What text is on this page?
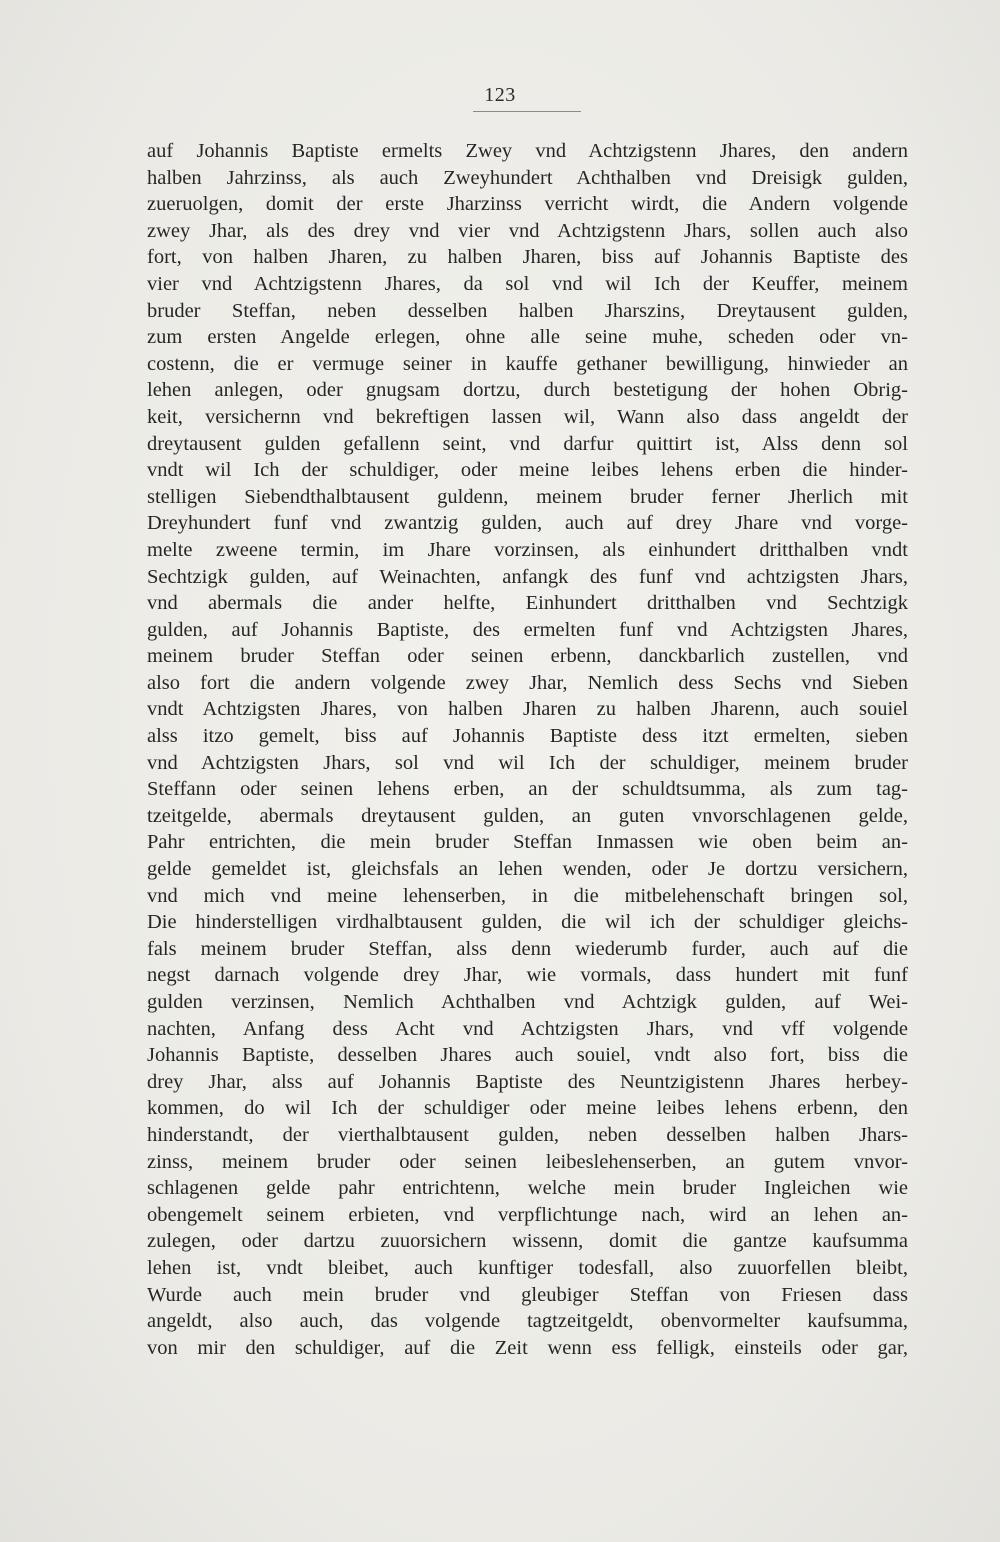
123
auf Johannis Baptiste ermelts Zwey vnd Achtzigstenn Jhares, den andern
halben Jahrzinss, als auch Zweyhundert Achthalben vnd Dreisigk gulden,
zueruolgen, domit der erste Jharzinss verricht wirdt, die Andern volgende
zwey Jhar, als des drey vnd vier vnd Achtzigstenn Jhars, sollen auch also
fort, von halben Jharen, zu halben Jharen, biss auf Johannis Baptiste des
vier vnd Achtzigstenn Jhares, da sol vnd wil Ich der Keuffer, meinem
bruder Steffan, neben desselben halben Jharszins, Dreytausent gulden,
zum ersten Angelde erlegen, ohne alle seine muhe, scheden oder vn-
costenn, die er vermuge seiner in kauffe gethaner bewilligung, hinwieder an
lehen anlegen, oder gnugsam dortzu, durch bestetigung der hohen Obrig-
keit, versichernn vnd bekreftigen lassen wil, Wann also dass angeldt der
dreytausent gulden gefallenn seint, vnd darfur quittirt ist, Alss denn sol
vndt wil Ich der schuldiger, oder meine leibes lehens erben die hinder-
stelligen Siebendthalbtausent guldenn, meinem bruder ferner Jherlich mit
Dreyhundert funf vnd zwantzig gulden, auch auf drey Jhare vnd vorge-
melte zweene termin, im Jhare vorzinsen, als einhundert dritthalben vndt
Sechtzigk gulden, auf Weinachten, anfangk des funf vnd achtzigsten Jhars,
vnd abermals die ander helfte, Einhundert dritthalben vnd Sechtzigk
gulden, auf Johannis Baptiste, des ermelten funf vnd Achtzigsten Jhares,
meinem bruder Steffan oder seinen erbenn, danckbarlich zustellen, vnd
also fort die andern volgende zwey Jhar, Nemlich dess Sechs vnd Sieben
vndt Achtzigsten Jhares, von halben Jharen zu halben Jharenn, auch souiel
alss itzo gemelt, biss auf Johannis Baptiste dess itzt ermelten, sieben
vnd Achtzigsten Jhars, sol vnd wil Ich der schuldiger, meinem bruder
Steffann oder seinen lehens erben, an der schuldtsumma, als zum tag-
tzeitgelde, abermals dreytausent gulden, an guten vnvorschlagenen gelde,
Pahr entrichten, die mein bruder Steffan Inmassen wie oben beim an-
gelde gemeldet ist, gleichsfals an lehen wenden, oder Je dortzu versichern,
vnd mich vnd meine lehenserben, in die mitbelehenschaft bringen sol,
Die hinderstelligen virdhalbtausent gulden, die wil ich der schuldiger gleichs-
fals meinem bruder Steffan, alss denn wiederumb furder, auch auf die
negst darnach volgende drey Jhar, wie vormals, dass hundert mit funf
gulden verzinsen, Nemlich Achthalben vnd Achtzigk gulden, auf Wei-
nachten, Anfang dess Acht vnd Achtzigsten Jhars, vnd vff volgende
Johannis Baptiste, desselben Jhares auch souiel, vndt also fort, biss die
drey Jhar, alss auf Johannis Baptiste des Neuntzigistenn Jhares herbey-
kommen, do wil Ich der schuldiger oder meine leibes lehens erbenn, den
hinderstandt, der vierthalbtausent gulden, neben desselben halben Jhars-
zinss, meinem bruder oder seinen leibeslehenserben, an gutem vnvor-
schlagenen gelde pahr entrichtenn, welche mein bruder Ingleichen wie
obengemelt seinem erbieten, vnd verpflichtunge nach, wird an lehen an-
zulegen, oder dartzu zuuorsichern wissenn, domit die gantze kaufsumma
lehen ist, vndt bleibet, auch kunftiger todesfall, also zuuorfellen bleibt,
Wurde auch mein bruder vnd gleubiger Steffan von Friesen dass
angeldt, also auch, das volgende tagtzeitgeldt, obenvormelter kaufsumma,
von mir den schuldiger, auf die Zeit wenn ess felligk, einsteils oder gar,
